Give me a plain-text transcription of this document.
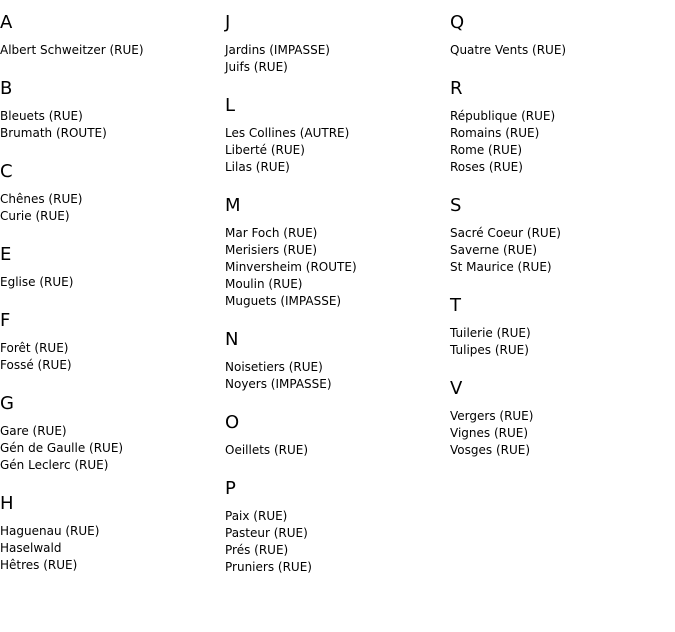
A
Albert Schweitzer (RUE)
B
Bleuets (RUE)
Brumath (ROUTE)
C
Chênes (RUE)
Curie (RUE)
E
Eglise (RUE)
F
Forêt (RUE)
Fossé (RUE)
G
Gare (RUE)
Gén de Gaulle (RUE)
Gén Leclerc (RUE)
H
Haguenau (RUE)
Haselwald
Hêtres (RUE)
J
Jardins (IMPASSE)
Juifs (RUE)
L
Les Collines (AUTRE)
Liberté (RUE)
Lilas (RUE)
M
Mar Foch (RUE)
Merisiers (RUE)
Minversheim (ROUTE)
Moulin (RUE)
Muguets (IMPASSE)
N
Noisetiers (RUE)
Noyers (IMPASSE)
O
Oeillets (RUE)
P
Paix (RUE)
Pasteur (RUE)
Prés (RUE)
Pruniers (RUE)
Q
Quatre Vents (RUE)
R
République (RUE)
Romains (RUE)
Rome (RUE)
Roses (RUE)
S
Sacré Coeur (RUE)
Saverne (RUE)
St Maurice (RUE)
T
Tuilerie (RUE)
Tulipes (RUE)
V
Vergers (RUE)
Vignes (RUE)
Vosges (RUE)
